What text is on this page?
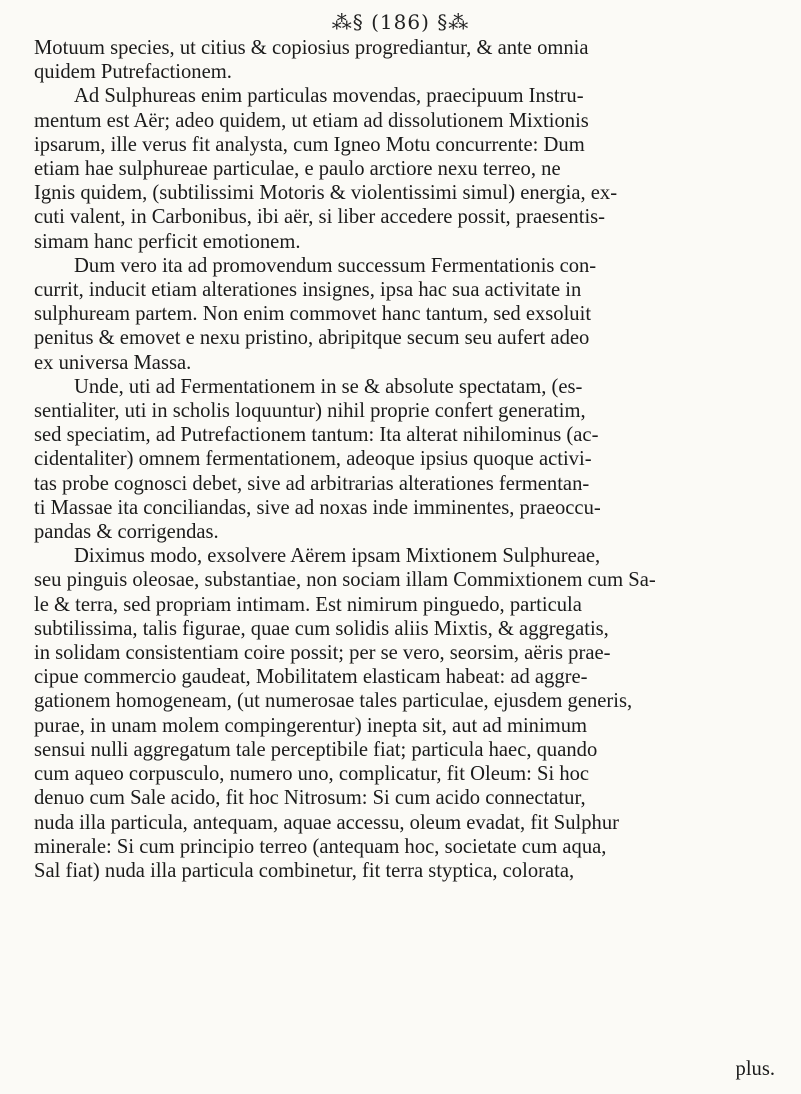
⁂§ (186) §⁂
Motuum species, ut citius & copiosius progrediantur, & ante omnia
quidem Putrefactionem.
Ad Sulphureas enim particulas movendas, praecipuum Instru-
mentum est Aër; adeo quidem, ut etiam ad dissolutionem Mixtionis
ipsarum, ille verus fit analysta, cum Igneo Motu concurrente: Dum
etiam hae sulphureae particulae, e paulo arctiore nexu terreo, ne
Ignis quidem, (subtilissimi Motoris & violentissimi simul) energia, ex-
cuti valent, in Carbonibus, ibi aër, si liber accedere possit, praesentis-
simam hanc perficit emotionem.
Dum vero ita ad promovendum successum Fermentationis con-
currit, inducit etiam alterationes insignes, ipsa hac sua activitate in
sulphuream partem. Non enim commovet hanc tantum, sed exsoluit
penitus & emovet e nexu pristino, abripitque secum seu aufert adeo
ex universa Massa.
Unde, uti ad Fermentationem in se & absolute spectatam, (es-
sentialiter, uti in scholis loquuntur) nihil proprie confert generatim,
sed speciatim, ad Putrefactionem tantum: Ita alterat nihilominus (ac-
cidentaliter) omnem fermentationem, adeoque ipsius quoque activi-
tas probe cognosci debet, sive ad arbitrarias alterationes fermentan-
ti Massae ita conciliandas, sive ad noxas inde imminentes, praeoccu-
pandas & corrigendas.
Diximus modo, exsolvere Aërem ipsam Mixtionem Sulphureae,
seu pinguis oleosae, substantiae, non sociam illam Commixtionem cum Sa-
le & terra, sed propriam intimam. Est nimirum pinguedo, particula
subtilissima, talis figurae, quae cum solidis aliis Mixtis, & aggregatis,
in solidam consistentiam coire possit; per se vero, seorsim, aëris prae-
cipue commercio gaudeat, Mobilitatem elasticam habeat: ad aggre-
gationem homogeneam, (ut numerosae tales particulae, ejusdem generis,
purae, in unam molem compingerentur) inepta sit, aut ad minimum
sensui nulli aggregatum tale perceptibile fiat; particula haec, quando
cum aqueo corpusculo, numero uno, complicatur, fit Oleum: Si hoc
denuo cum Sale acido, fit hoc Nitrosum: Si cum acido connectatur,
nuda illa particula, antequam, aquae accessu, oleum evadat, fit Sulphur
minerale: Si cum principio terreo (antequam hoc, societate cum aqua,
Sal fiat) nuda illa particula combinetur, fit terra styptica, colorata,
plus.
